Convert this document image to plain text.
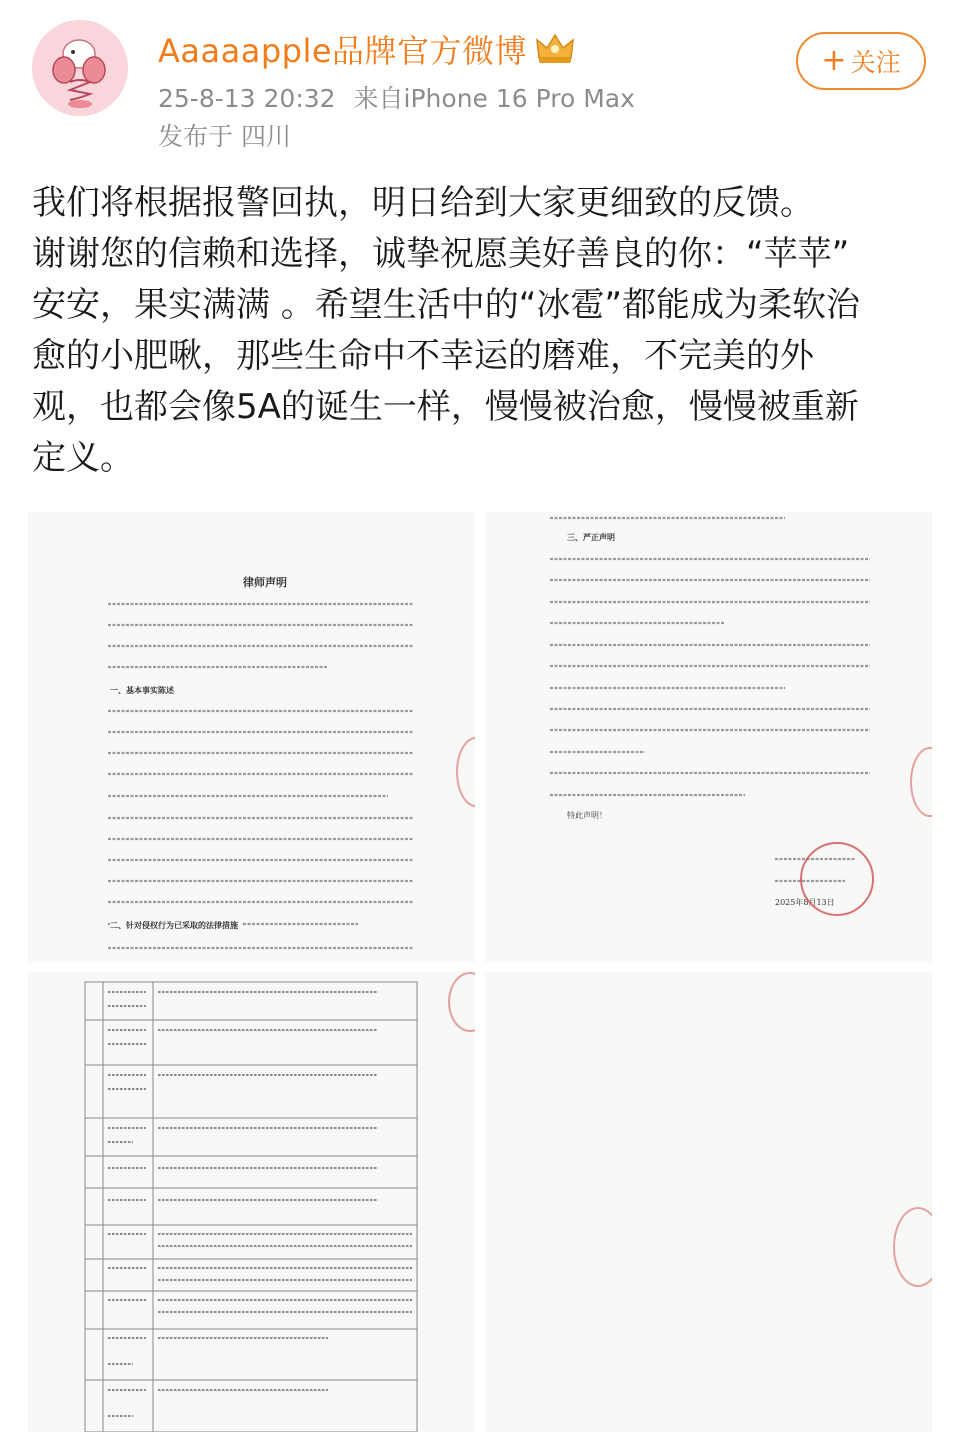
Aaaaapple品牌官方微博
25-8-13 20:32 来自iPhone 16 Pro Max
发布于 四川
+ 关注

我们将根据报警回执，明日给到大家更细致的反馈。

谢谢您的信赖和选择，诚挚祝愿美好善良的你：“苹苹”

安安，果实满满 。希望生活中的“冰雹”都能成为柔软治

愈的小肥啾，那些生命中不幸运的磨难，不完美的外

观，也都会像5A的诞生一样，慢慢被治愈，慢慢被重新

定义。

律师声明
一、基本事实陈述
二、针对侵权行为已采取的法律措施
三、严正声明
特此声明！
2025年8月13日
